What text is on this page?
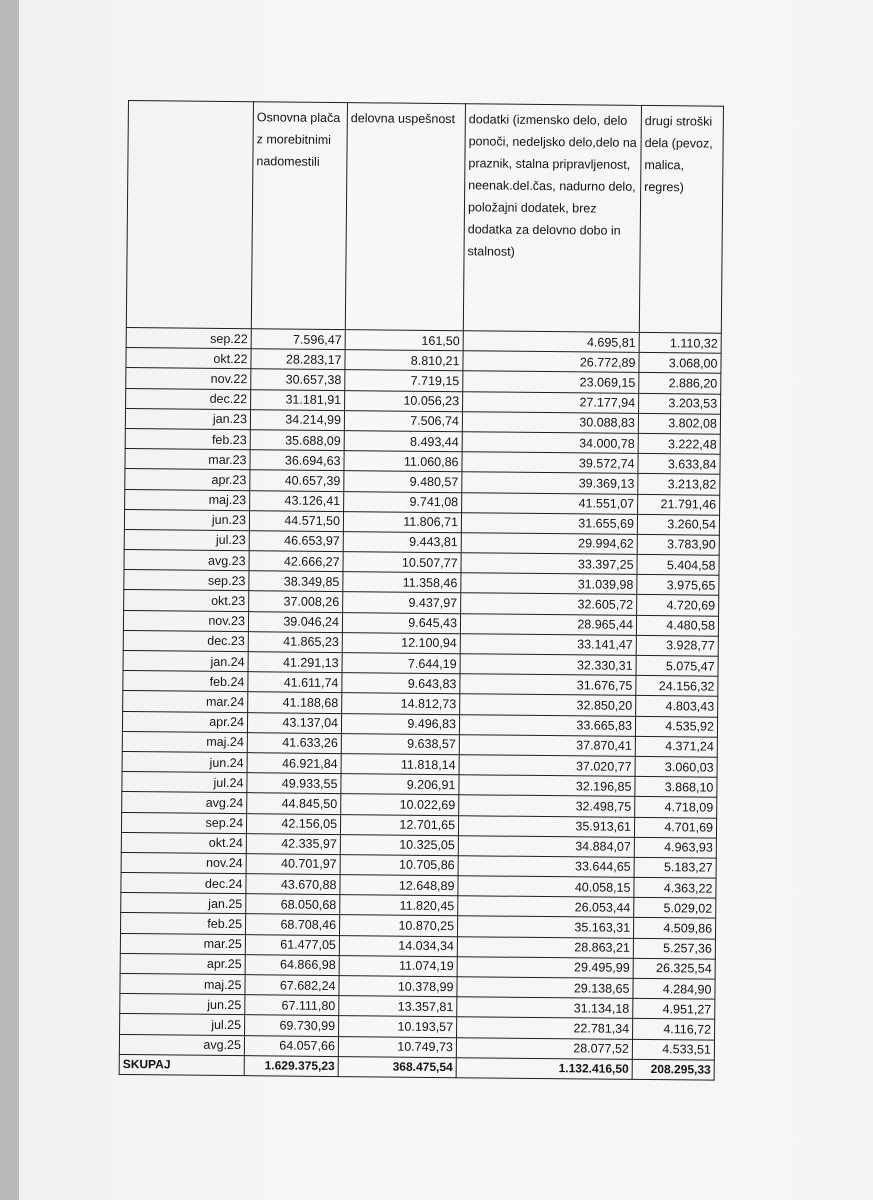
	Osnovna plača z morebitnimi nadomestili	delovna uspešnost	dodatki (izmensko delo, delo ponoči, nedeljsko delo,delo na praznik, stalna pripravljenost, neenak.del.čas, nadurno delo, položajni dodatek, brez dodatka za delovno dobo in stalnost)	drugi stroški dela (pevoz, malica, regres)
sep.22	7.596,47	161,50	4.695,81	1.110,32
okt.22	28.283,17	8.810,21	26.772,89	3.068,00
nov.22	30.657,38	7.719,15	23.069,15	2.886,20
dec.22	31.181,91	10.056,23	27.177,94	3.203,53
jan.23	34.214,99	7.506,74	30.088,83	3.802,08
feb.23	35.688,09	8.493,44	34.000,78	3.222,48
mar.23	36.694,63	11.060,86	39.572,74	3.633,84
apr.23	40.657,39	9.480,57	39.369,13	3.213,82
maj.23	43.126,41	9.741,08	41.551,07	21.791,46
jun.23	44.571,50	11.806,71	31.655,69	3.260,54
jul.23	46.653,97	9.443,81	29.994,62	3.783,90
avg.23	42.666,27	10.507,77	33.397,25	5.404,58
sep.23	38.349,85	11.358,46	31.039,98	3.975,65
okt.23	37.008,26	9.437,97	32.605,72	4.720,69
nov.23	39.046,24	9.645,43	28.965,44	4.480,58
dec.23	41.865,23	12.100,94	33.141,47	3.928,77
jan.24	41.291,13	7.644,19	32.330,31	5.075,47
feb.24	41.611,74	9.643,83	31.676,75	24.156,32
mar.24	41.188,68	14.812,73	32.850,20	4.803,43
apr.24	43.137,04	9.496,83	33.665,83	4.535,92
maj.24	41.633,26	9.638,57	37.870,41	4.371,24
jun.24	46.921,84	11.818,14	37.020,77	3.060,03
jul.24	49.933,55	9.206,91	32.196,85	3.868,10
avg.24	44.845,50	10.022,69	32.498,75	4.718,09
sep.24	42.156,05	12.701,65	35.913,61	4.701,69
okt.24	42.335,97	10.325,05	34.884,07	4.963,93
nov.24	40.701,97	10.705,86	33.644,65	5.183,27
dec.24	43.670,88	12.648,89	40.058,15	4.363,22
jan.25	68.050,68	11.820,45	26.053,44	5.029,02
feb.25	68.708,46	10.870,25	35.163,31	4.509,86
mar.25	61.477,05	14.034,34	28.863,21	5.257,36
apr.25	64.866,98	11.074,19	29.495,99	26.325,54
maj.25	67.682,24	10.378,99	29.138,65	4.284,90
jun.25	67.111,80	13.357,81	31.134,18	4.951,27
jul.25	69.730,99	10.193,57	22.781,34	4.116,72
avg.25	64.057,66	10.749,73	28.077,52	4.533,51
SKUPAJ	1.629.375,23	368.475,54	1.132.416,50	208.295,33
